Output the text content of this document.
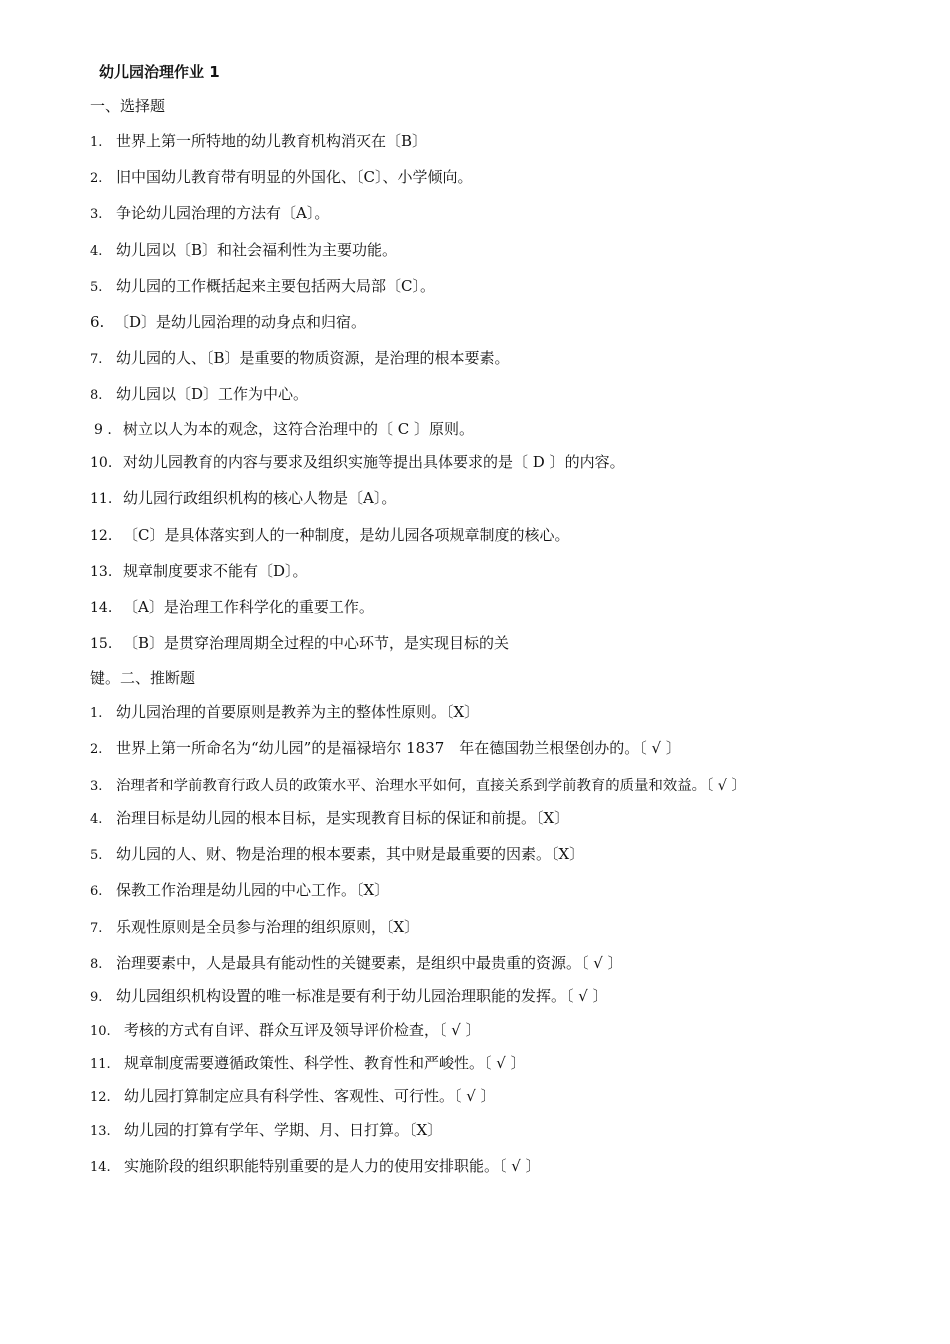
幼儿园治理作业 1
一、选择题
1. 世界上第一所特地的幼儿教育机构消灭在〔B〕
2. 旧中国幼儿教育带有明显的外国化、〔C〕、小学倾向。
3. 争论幼儿园治理的方法有〔A〕。
4. 幼儿园以〔B〕和社会福利性为主要功能。
5. 幼儿园的工作概括起来主要包括两大局部〔C〕。
6. 〔D〕是幼儿园治理的动身点和归宿。
7. 幼儿园的人、〔B〕是重要的物质资源，是治理的根本要素。
8. 幼儿园以〔D〕工作为中心。
9 . 树立以人为本的观念，这符合治理中的〔 C 〕原则。
10. 对幼儿园教育的内容与要求及组织实施等提出具体要求的是〔 D 〕的内容。
11. 幼儿园行政组织机构的核心人物是〔A〕。
12. 〔C〕是具体落实到人的一种制度，是幼儿园各项规章制度的核心。
13. 规章制度要求不能有〔D〕。
14. 〔A〕是治理工作科学化的重要工作。
15. 〔B〕是贯穿治理周期全过程的中心环节，是实现目标的关
键。二、推断题
1. 幼儿园治理的首要原则是教养为主的整体性原则。〔X〕
2. 世界上第一所命名为“幼儿园”的是福禄培尔 1837　年在德国勃兰根堡创办的。〔 √ 〕
3. 治理者和学前教育行政人员的政策水平、治理水平如何，直接关系到学前教育的质量和效益。〔 √ 〕
4. 治理目标是幼儿园的根本目标，是实现教育目标的保证和前提。〔X〕
5. 幼儿园的人、财、物是治理的根本要素，其中财是最重要的因素。〔X〕
6. 保教工作治理是幼儿园的中心工作。〔X〕
7. 乐观性原则是全员参与治理的组织原则，〔X〕
8. 治理要素中，人是最具有能动性的关键要素，是组织中最贵重的资源。〔 √ 〕
9. 幼儿园组织机构设置的唯一标准是要有利于幼儿园治理职能的发挥。〔 √ 〕
10. 考核的方式有自评、群众互评及领导评价检查，〔 √ 〕
11. 规章制度需要遵循政策性、科学性、教育性和严峻性。〔 √ 〕
12. 幼儿园打算制定应具有科学性、客观性、可行性。〔 √ 〕
13. 幼儿园的打算有学年、学期、月、日打算。〔X〕
14. 实施阶段的组织职能特别重要的是人力的使用安排职能。〔 √ 〕
